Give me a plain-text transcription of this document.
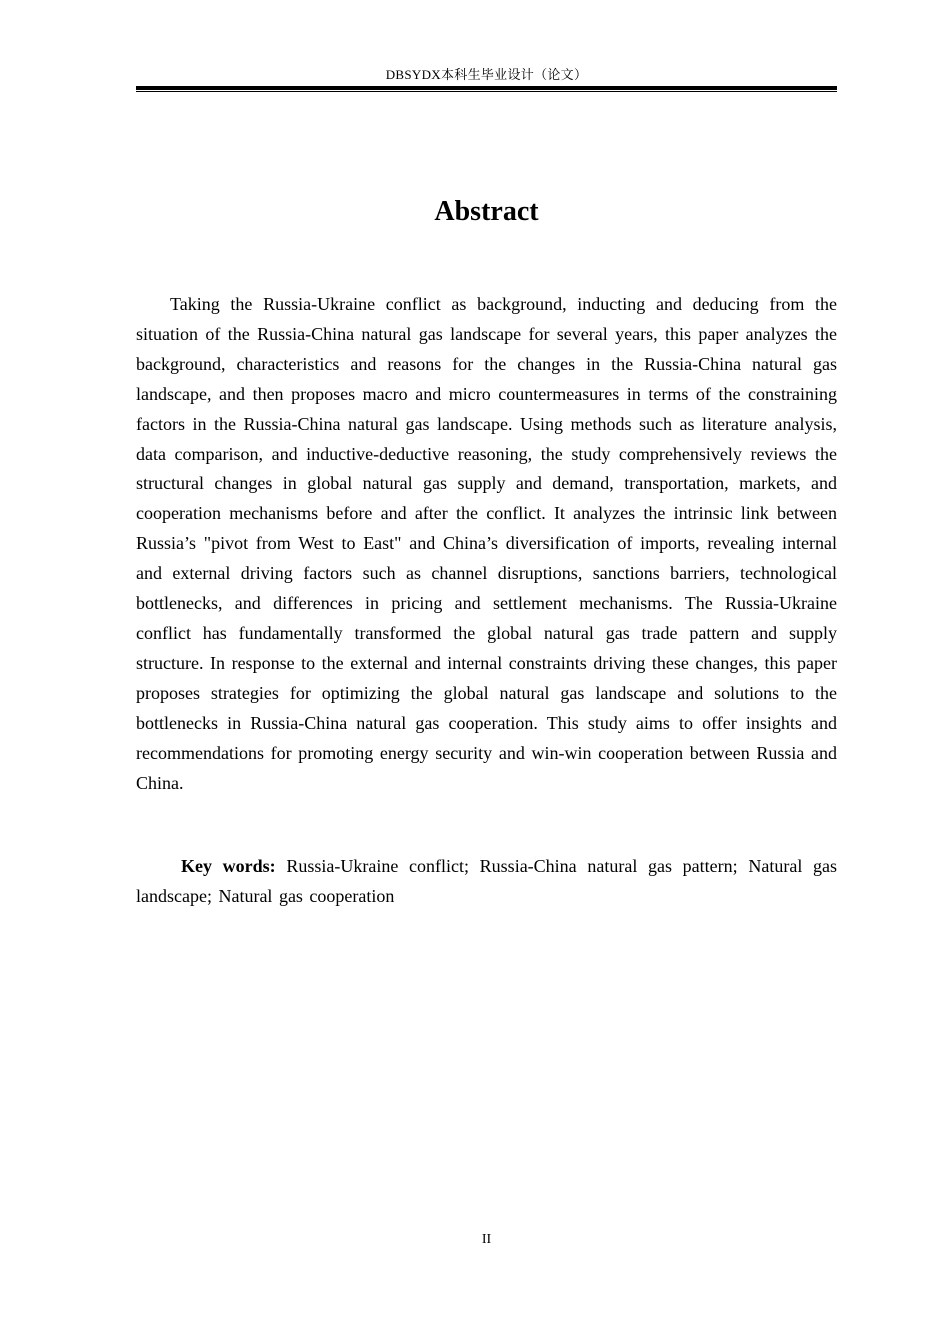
DBSYDX本科生毕业设计（论文）
Abstract

Taking the Russia-Ukraine conflict as background, inducting and deducing from the situation of the Russia-China natural gas landscape for several years, this paper analyzes the background, characteristics and reasons for the changes in the Russia-China natural gas landscape, and then proposes macro and micro countermeasures in terms of the constraining factors in the Russia-China natural gas landscape. Using methods such as literature analysis, data comparison, and inductive-deductive reasoning, the study comprehensively reviews the structural changes in global natural gas supply and demand, transportation, markets, and cooperation mechanisms before and after the conflict. It analyzes the intrinsic link between Russia’s "pivot from West to East" and China’s diversification of imports, revealing internal and external driving factors such as channel disruptions, sanctions barriers, technological bottlenecks, and differences in pricing and settlement mechanisms. The Russia-Ukraine conflict has fundamentally transformed the global natural gas trade pattern and supply structure. In response to the external and internal constraints driving these changes, this paper proposes strategies for optimizing the global natural gas landscape and solutions to the bottlenecks in Russia-China natural gas cooperation. This study aims to offer insights and recommendations for promoting energy security and win-win cooperation between Russia and China.

Key words: Russia-Ukraine conflict; Russia-China natural gas pattern; Natural gas landscape; Natural gas cooperation

II
